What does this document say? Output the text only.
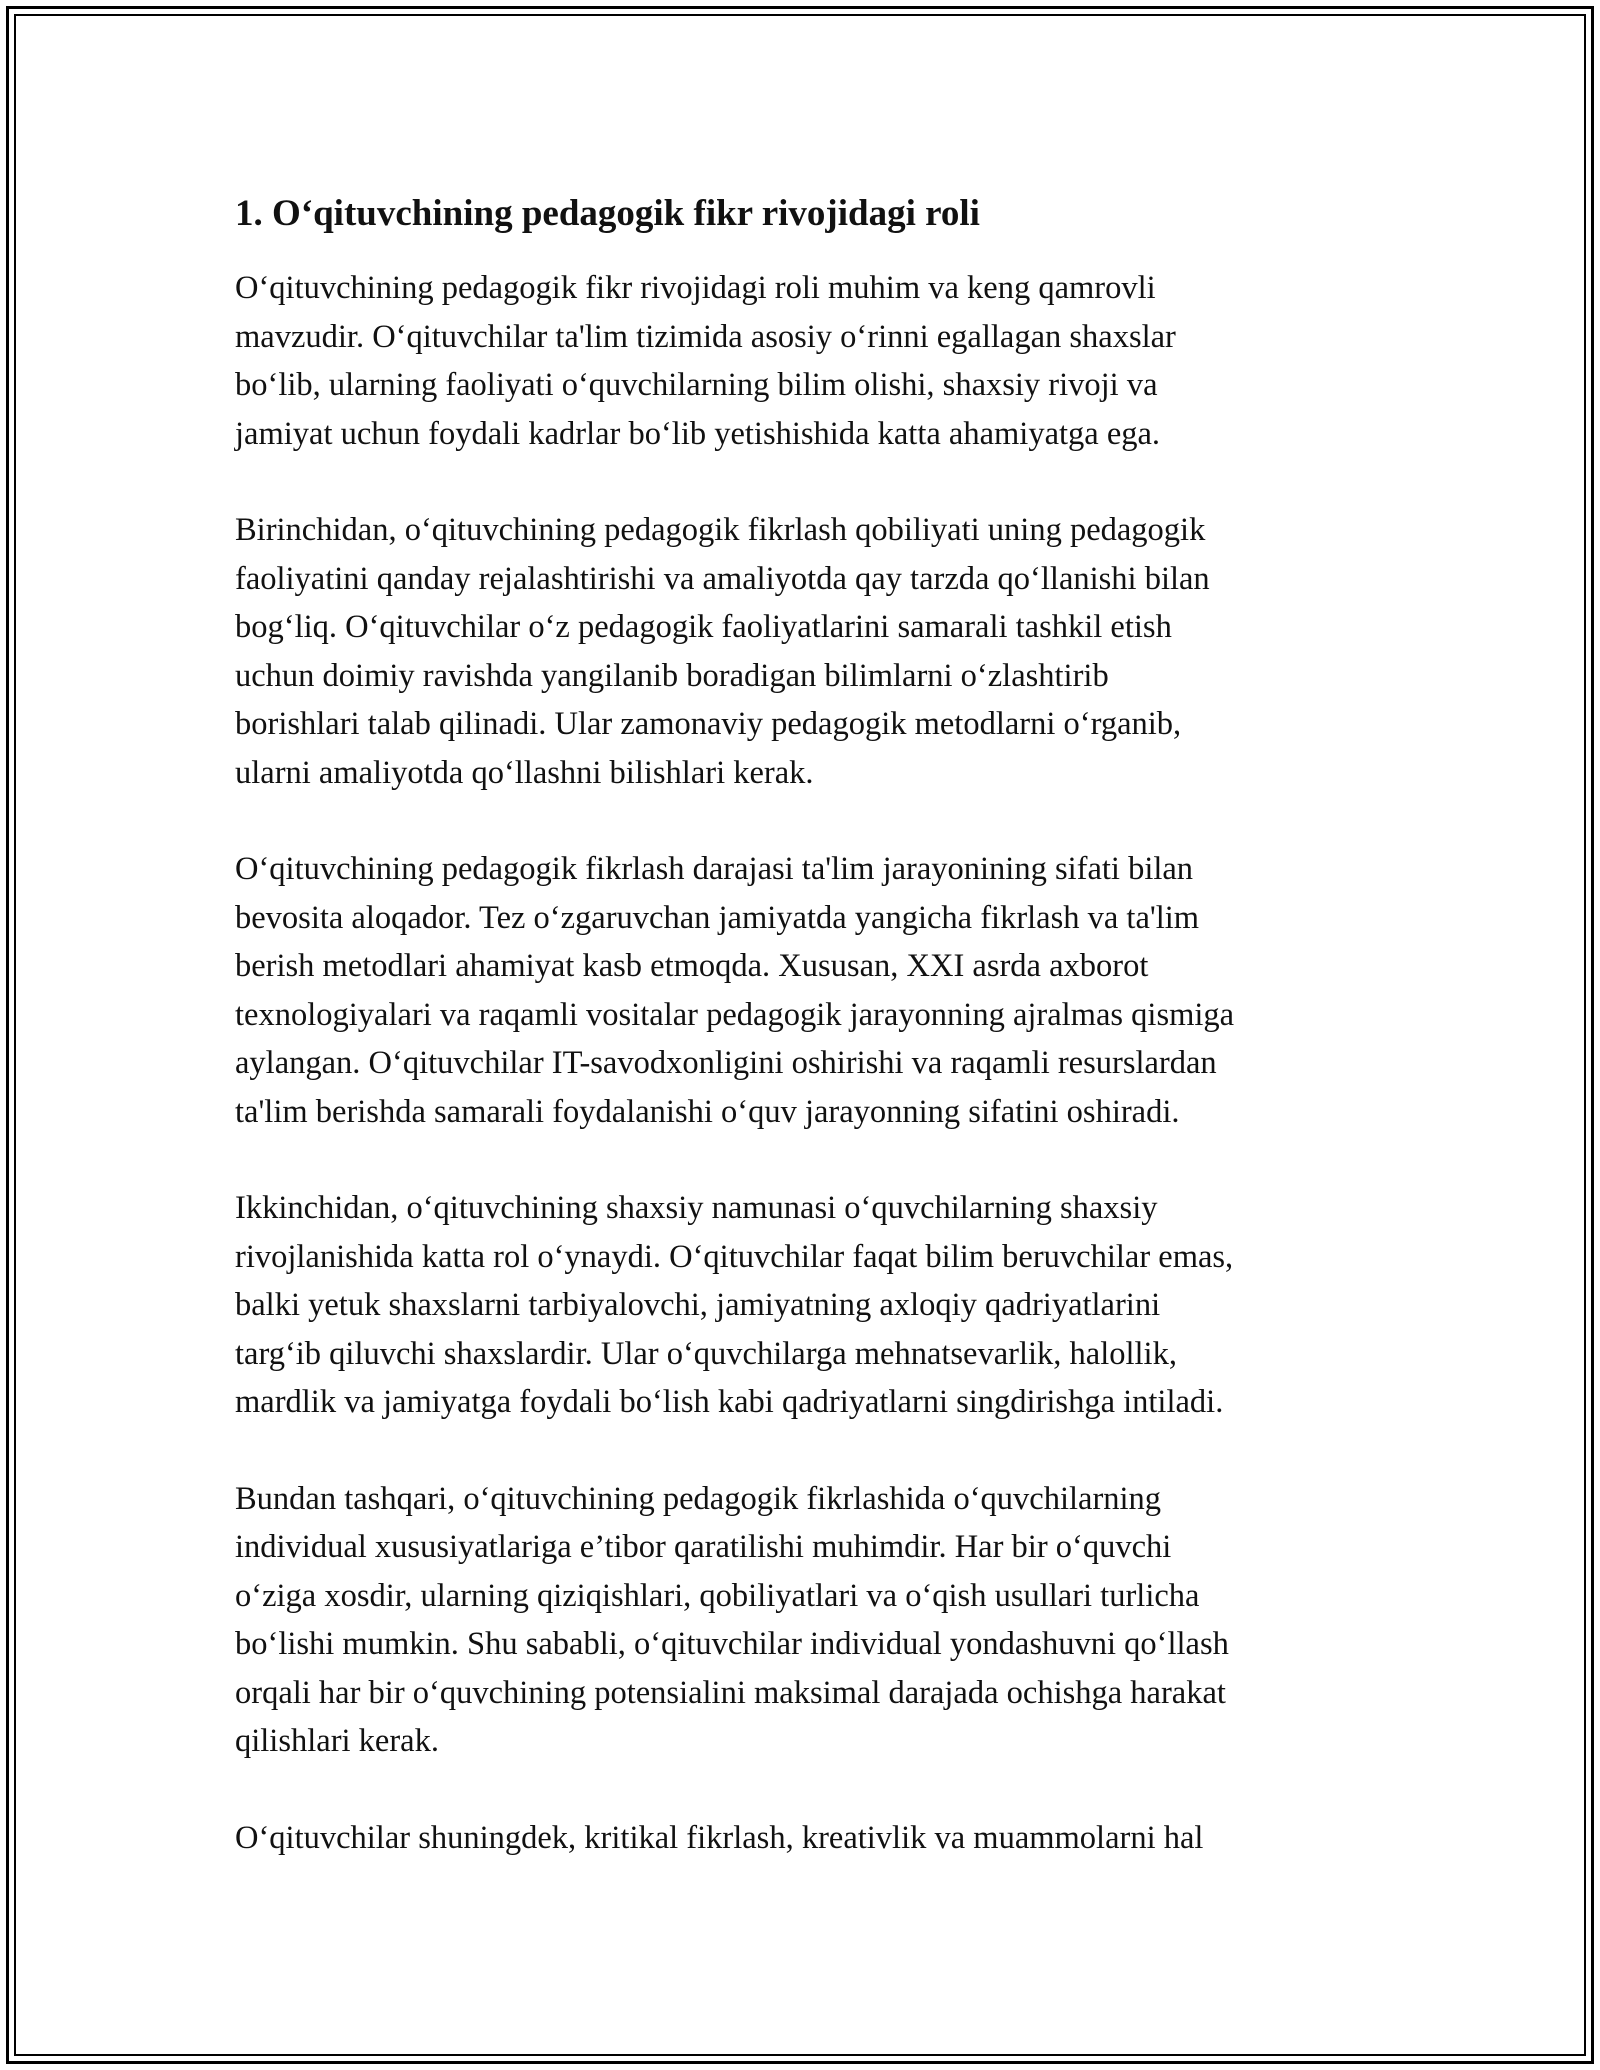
1. O‘qituvchining pedagogik fikr rivojidagi roli
O‘qituvchining pedagogik fikr rivojidagi roli muhim va keng qamrovli
mavzudir. O‘qituvchilar ta'lim tizimida asosiy o‘rinni egallagan shaxslar
bo‘lib, ularning faoliyati o‘quvchilarning bilim olishi, shaxsiy rivoji va
jamiyat uchun foydali kadrlar bo‘lib yetishishida katta ahamiyatga ega.
Birinchidan, o‘qituvchining pedagogik fikrlash qobiliyati uning pedagogik
faoliyatini qanday rejalashtirishi va amaliyotda qay tarzda qo‘llanishi bilan
bog‘liq. O‘qituvchilar o‘z pedagogik faoliyatlarini samarali tashkil etish
uchun doimiy ravishda yangilanib boradigan bilimlarni o‘zlashtirib
borishlari talab qilinadi. Ular zamonaviy pedagogik metodlarni o‘rganib,
ularni amaliyotda qo‘llashni bilishlari kerak.
O‘qituvchining pedagogik fikrlash darajasi ta'lim jarayonining sifati bilan
bevosita aloqador. Tez o‘zgaruvchan jamiyatda yangicha fikrlash va ta'lim
berish metodlari ahamiyat kasb etmoqda. Xususan, XXI asrda axborot
texnologiyalari va raqamli vositalar pedagogik jarayonning ajralmas qismiga
aylangan. O‘qituvchilar IT-savodxonligini oshirishi va raqamli resurslardan
ta'lim berishda samarali foydalanishi o‘quv jarayonning sifatini oshiradi.
Ikkinchidan, o‘qituvchining shaxsiy namunasi o‘quvchilarning shaxsiy
rivojlanishida katta rol o‘ynaydi. O‘qituvchilar faqat bilim beruvchilar emas,
balki yetuk shaxslarni tarbiyalovchi, jamiyatning axloqiy qadriyatlarini
targ‘ib qiluvchi shaxslardir. Ular o‘quvchilarga mehnatsevarlik, halollik,
mardlik va jamiyatga foydali bo‘lish kabi qadriyatlarni singdirishga intiladi.
Bundan tashqari, o‘qituvchining pedagogik fikrlashida o‘quvchilarning
individual xususiyatlariga e’tibor qaratilishi muhimdir. Har bir o‘quvchi
o‘ziga xosdir, ularning qiziqishlari, qobiliyatlari va o‘qish usullari turlicha
bo‘lishi mumkin. Shu sababli, o‘qituvchilar individual yondashuvni qo‘llash
orqali har bir o‘quvchining potensialini maksimal darajada ochishga harakat
qilishlari kerak.
O‘qituvchilar shuningdek, kritikal fikrlash, kreativlik va muammolarni hal
